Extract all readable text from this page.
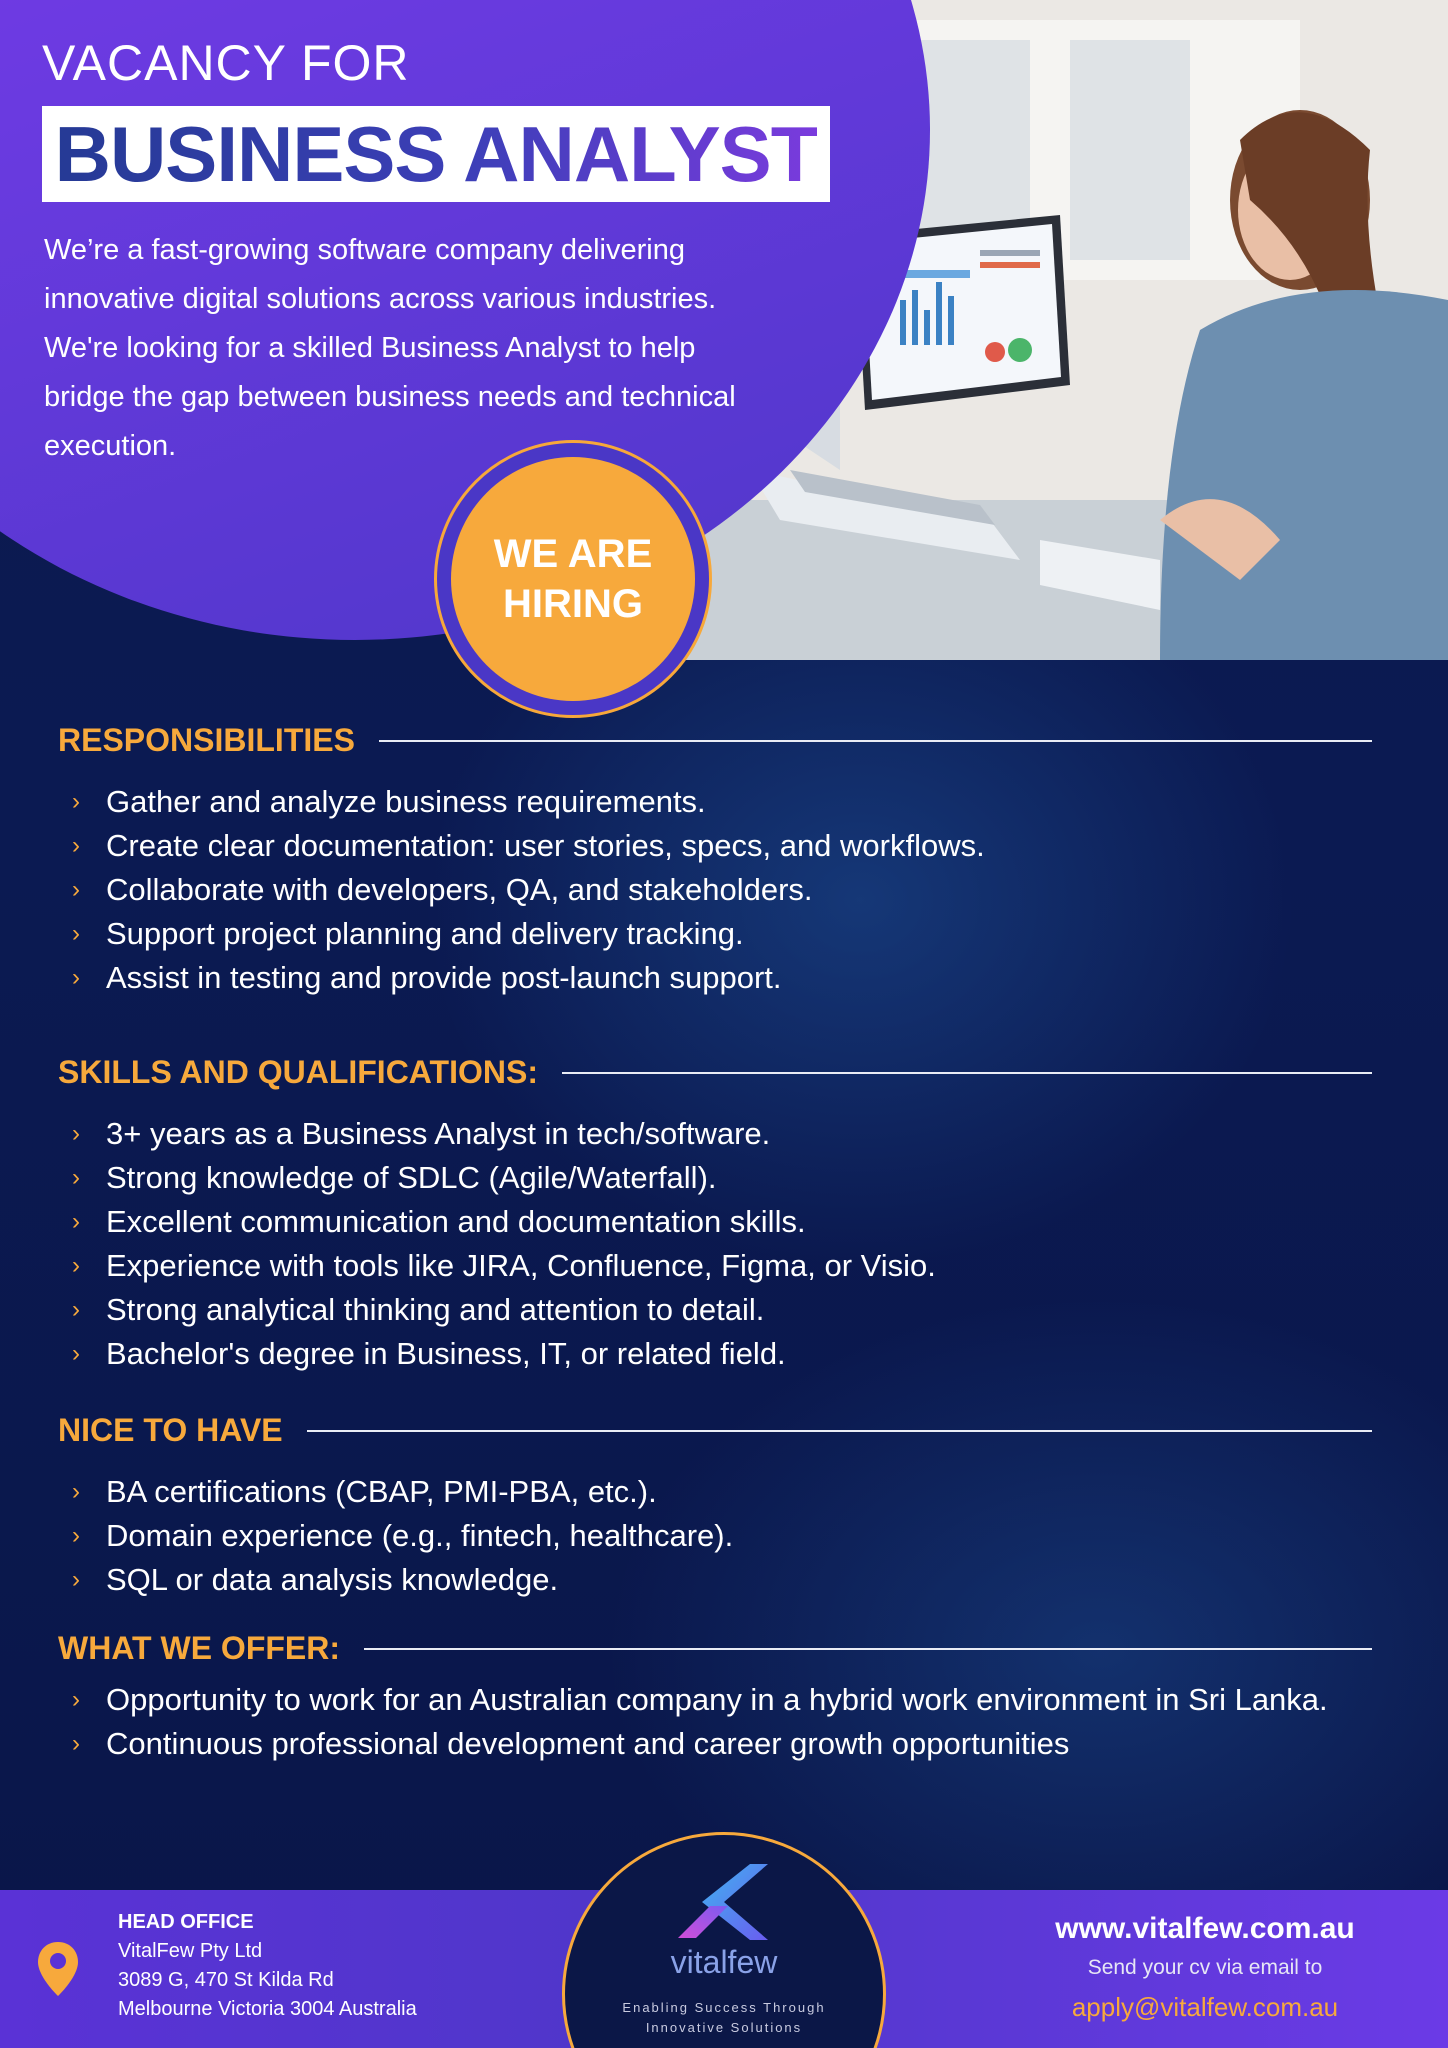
VACANCY FOR
BUSINESS ANALYST
We’re a fast-growing software company delivering innovative digital solutions across various industries. We're looking for a skilled Business Analyst to help bridge the gap between business needs and technical execution.
WE ARE
HIRING
RESPONSIBILITIES
› Gather and analyze business requirements.
› Create clear documentation: user stories, specs, and workflows.
› Collaborate with developers, QA, and stakeholders.
› Support project planning and delivery tracking.
› Assist in testing and provide post-launch support.
SKILLS AND QUALIFICATIONS:
› 3+ years as a Business Analyst in tech/software.
› Strong knowledge of SDLC (Agile/Waterfall).
› Excellent communication and documentation skills.
› Experience with tools like JIRA, Confluence, Figma, or Visio.
› Strong analytical thinking and attention to detail.
› Bachelor's degree in Business, IT, or related field.
NICE TO HAVE
› BA certifications (CBAP, PMI-PBA, etc.).
› Domain experience (e.g., fintech, healthcare).
› SQL or data analysis knowledge.
WHAT WE OFFER:
› Opportunity to work for an Australian company in a hybrid work environment in Sri Lanka.
› Continuous professional development and career growth opportunities
HEAD OFFICE
VitalFew Pty Ltd
3089 G, 470 St Kilda Rd
Melbourne Victoria 3004 Australia
vitalfew
Enabling Success Through
Innovative Solutions
www.vitalfew.com.au
Send your cv via email to
apply@vitalfew.com.au
